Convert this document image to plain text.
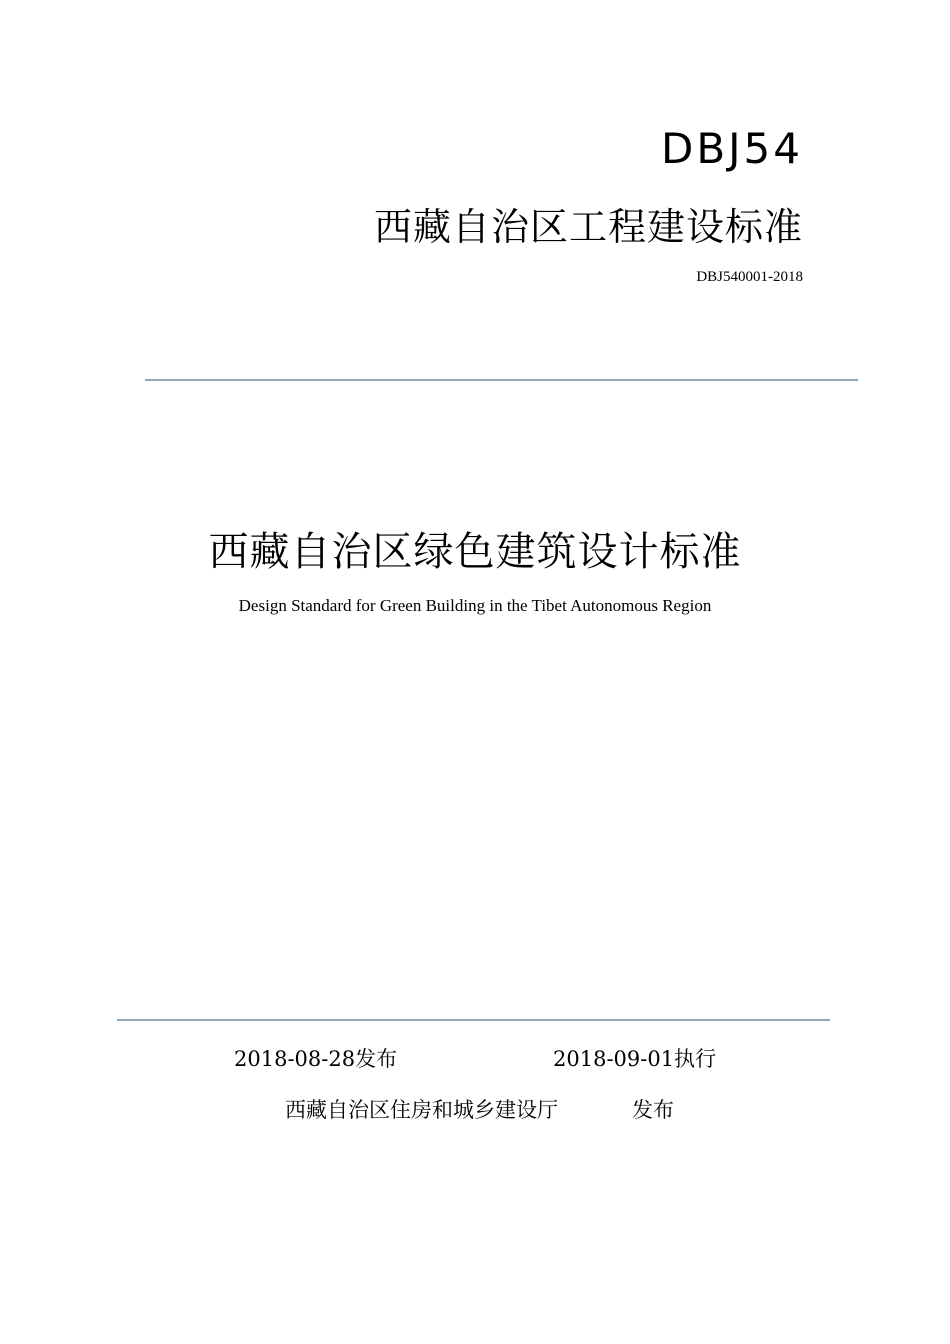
DBJ54
西藏自治区工程建设标准
DBJ540001-2018
西藏自治区绿色建筑设计标准
Design Standard for Green Building in the Tibet Autonomous Region
2018-08-28发布	2018-09-01执行
西藏自治区住房和城乡建设厅	发布
